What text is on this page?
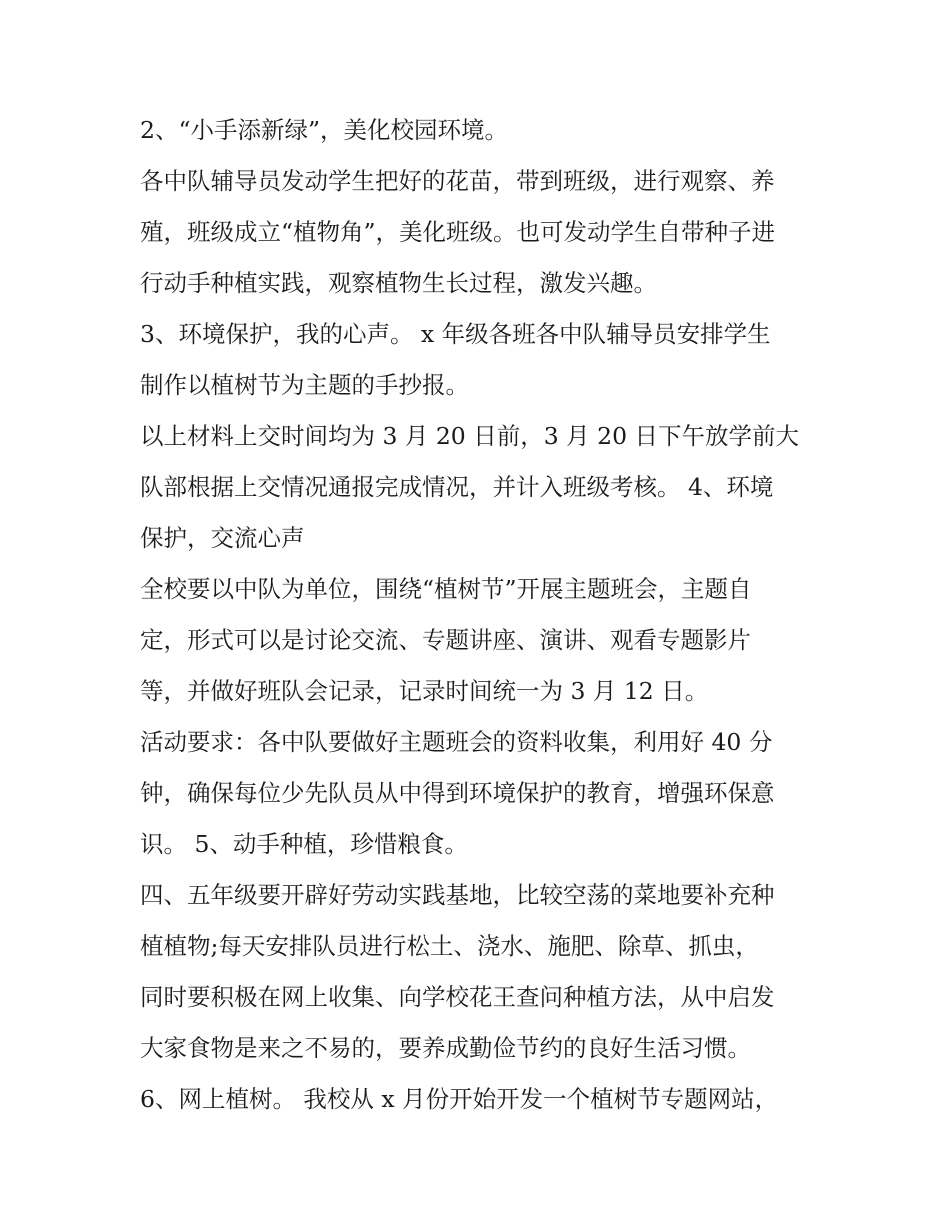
2、“小手添新绿”，美化校园环境。
各中队辅导员发动学生把好的花苗，带到班级，进行观察、养
殖，班级成立“植物角”，美化班级。也可发动学生自带种子进
行动手种植实践，观察植物生长过程，激发兴趣。
3、环境保护，我的心声。 x 年级各班各中队辅导员安排学生
制作以植树节为主题的手抄报。
以上材料上交时间均为 3 月 20 日前，3 月 20 日下午放学前大
队部根据上交情况通报完成情况，并计入班级考核。 4、环境
保护，交流心声
全校要以中队为单位，围绕“植树节”开展主题班会，主题自
定，形式可以是讨论交流、专题讲座、演讲、观看专题影片
等，并做好班队会记录，记录时间统一为 3 月 12 日。
活动要求：各中队要做好主题班会的资料收集，利用好 40 分
钟，确保每位少先队员从中得到环境保护的教育，增强环保意
识。 5、动手种植，珍惜粮食。
四、五年级要开辟好劳动实践基地，比较空荡的菜地要补充种
植植物;每天安排队员进行松土、浇水、施肥、除草、抓虫，
同时要积极在网上收集、向学校花王查问种植方法，从中启发
大家食物是来之不易的，要养成勤俭节约的良好生活习惯。
6、网上植树。 我校从 x 月份开始开发一个植树节专题网站，
